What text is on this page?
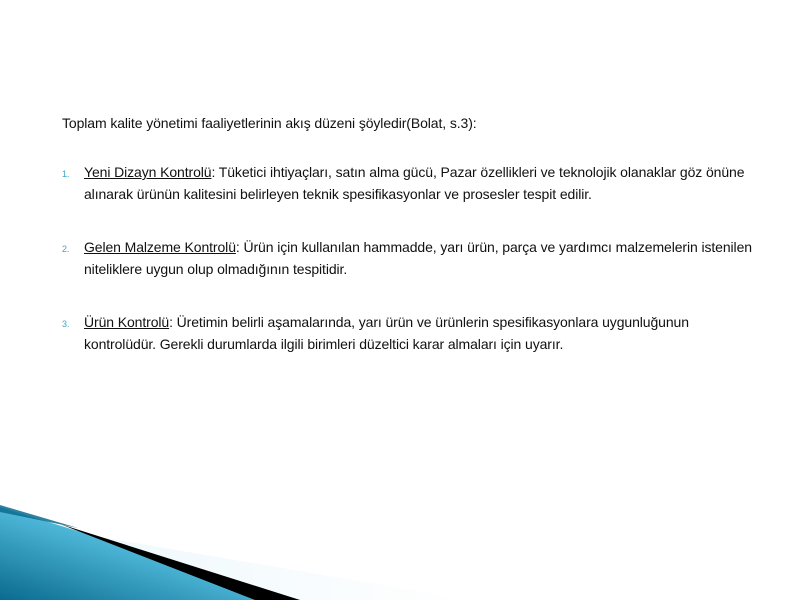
Toplam kalite yönetimi faaliyetlerinin akış düzeni şöyledir(Bolat, s.3):

1. Yeni Dizayn Kontrolü: Tüketici ihtiyaçları, satın alma gücü, Pazar özellikleri ve teknolojik olanaklar göz önüne alınarak ürünün kalitesini belirleyen teknik spesifikasyonlar ve prosesler tespit edilir.
2. Gelen Malzeme Kontrolü: Ürün için kullanılan hammadde, yarı ürün, parça ve yardımcı malzemelerin istenilen niteliklere uygun olup olmadığının tespitidir.
3. Ürün Kontrolü: Üretimin belirli aşamalarında, yarı ürün ve ürünlerin spesifikasyonlara uygunluğunun kontrolüdür. Gerekli durumlarda ilgili birimleri düzeltici karar almaları için uyarır.
